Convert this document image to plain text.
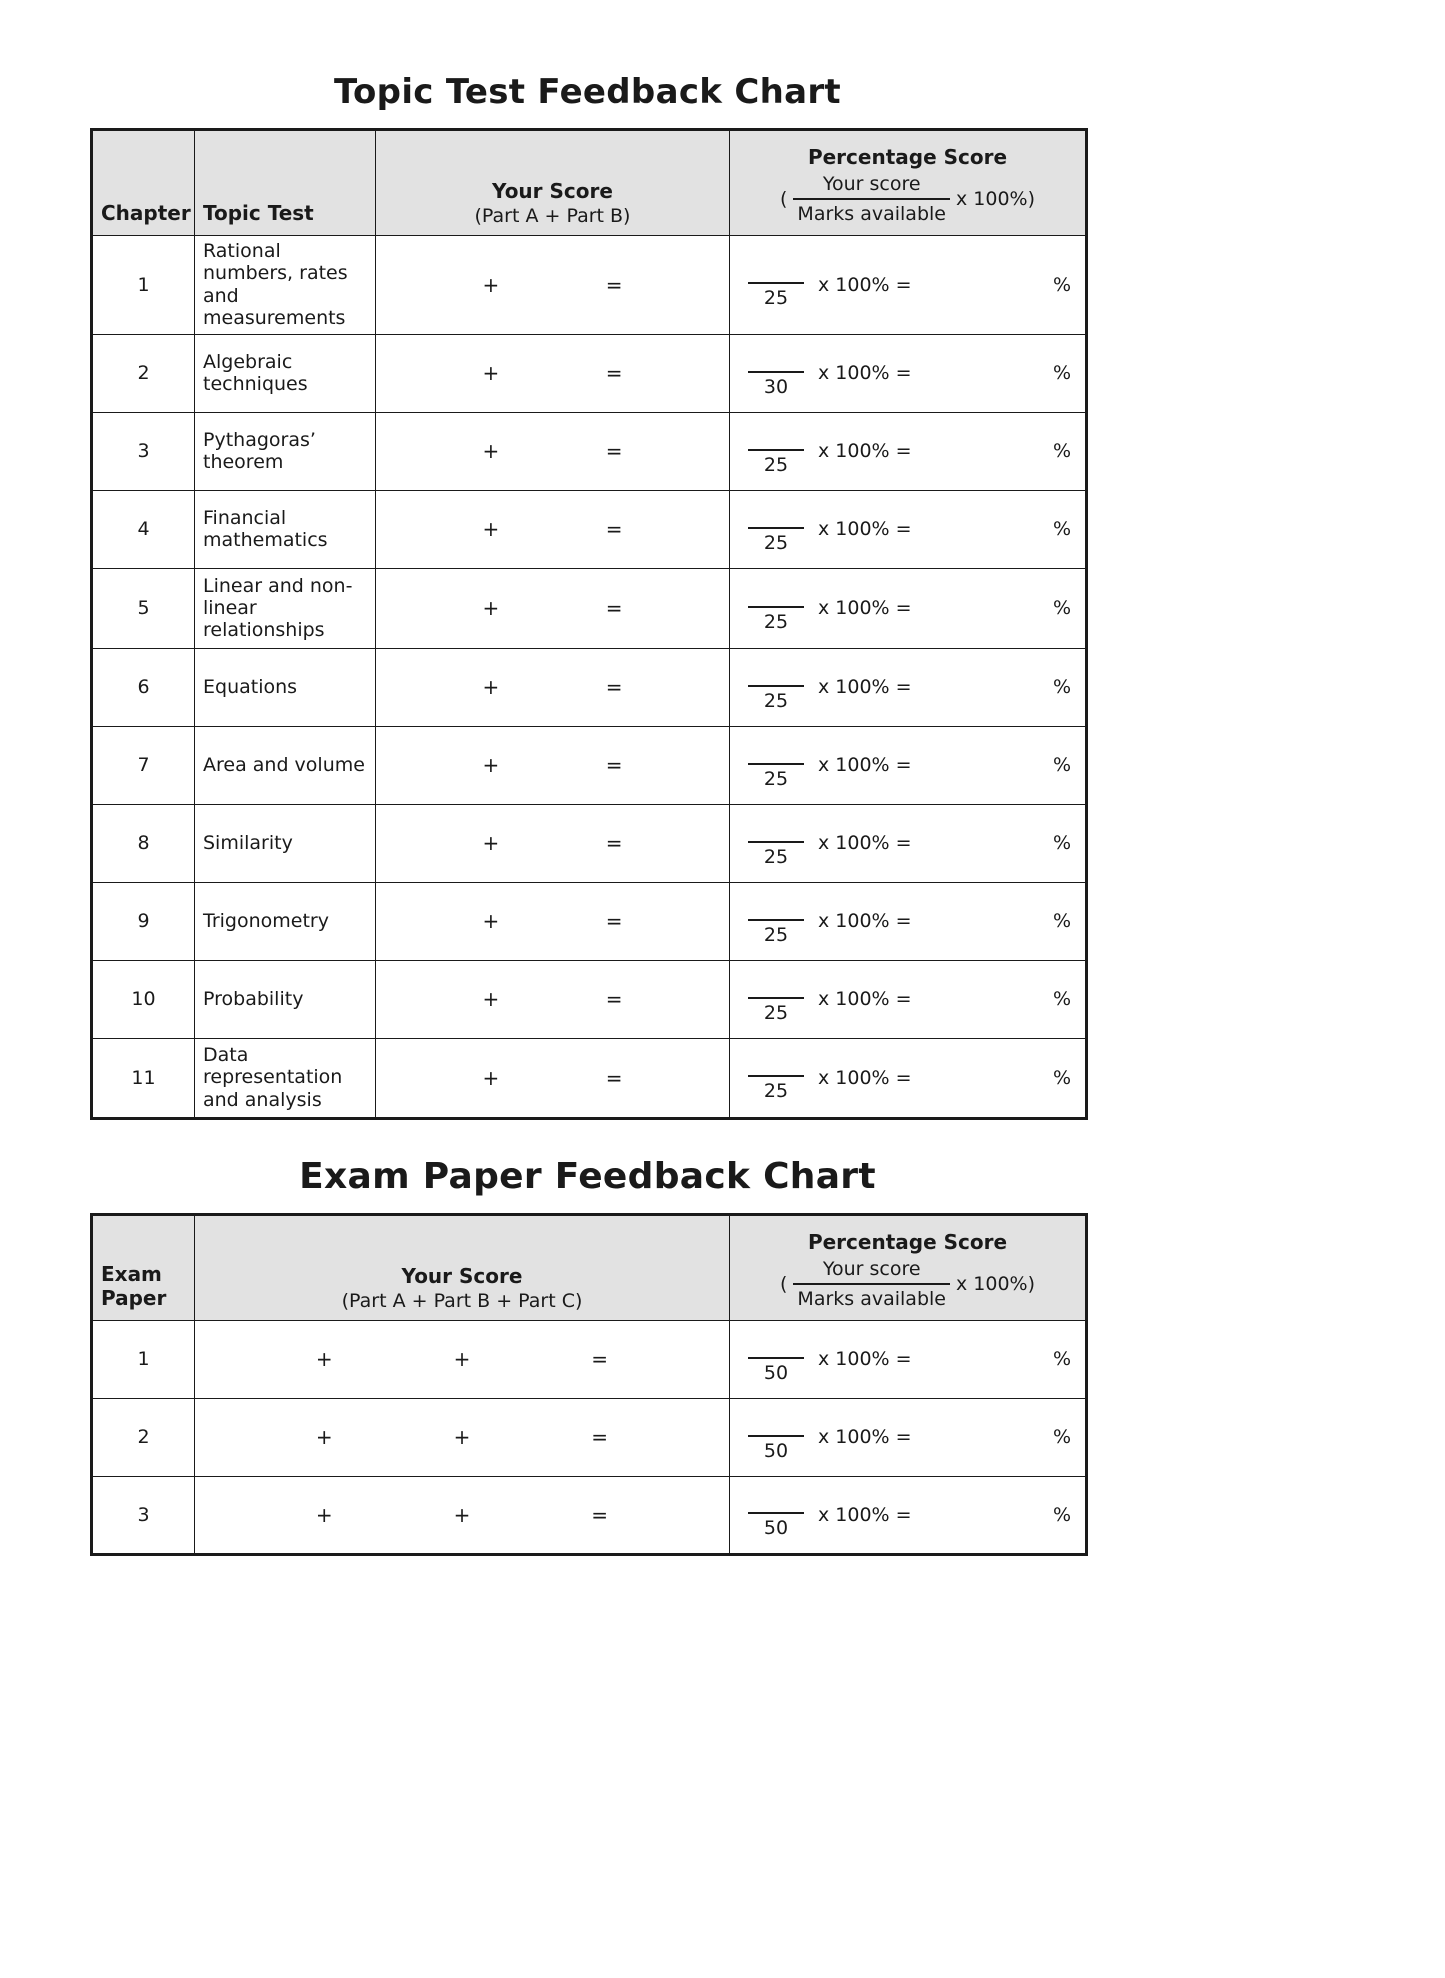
Topic Test Feedback Chart
Chapter	Topic Test	
Your Score
(Part A + Part B)

Percentage Score
( $\frac{\text{Your score}}{\text{Marks available}}$ x 100%)

1	Rational numbers, rates and measurements	+ =	25
x 100% = %

2	Algebraic techniques	+ =	30
x 100% = %

3	Pythagoras’ theorem	+ =	25
x 100% = %

4	Financial mathematics	+ =	25
x 100% = %

5	Linear and non-linear relationships	+ =	25
x 100% = %

6	Equations	+ =	25
x 100% = %

7	Area and volume	+ =	25
x 100% = %

8	Similarity	+ =	25
x 100% = %

9	Trigonometry	+ =	25
x 100% = %

10	Probability	+ =	25
x 100% = %

11	Data representation and analysis	+ =	25
x 100% = %
Exam Paper Feedback Chart
Exam Paper	
Your Score
(Part A + Part B + Part C)

Percentage Score
( $\frac{\text{Your score}}{\text{Marks available}}$ x 100%)

1	+ + =	50
x 100% = %

2	+ + =	50
x 100% = %

3	+ + =	50
x 100% = %
